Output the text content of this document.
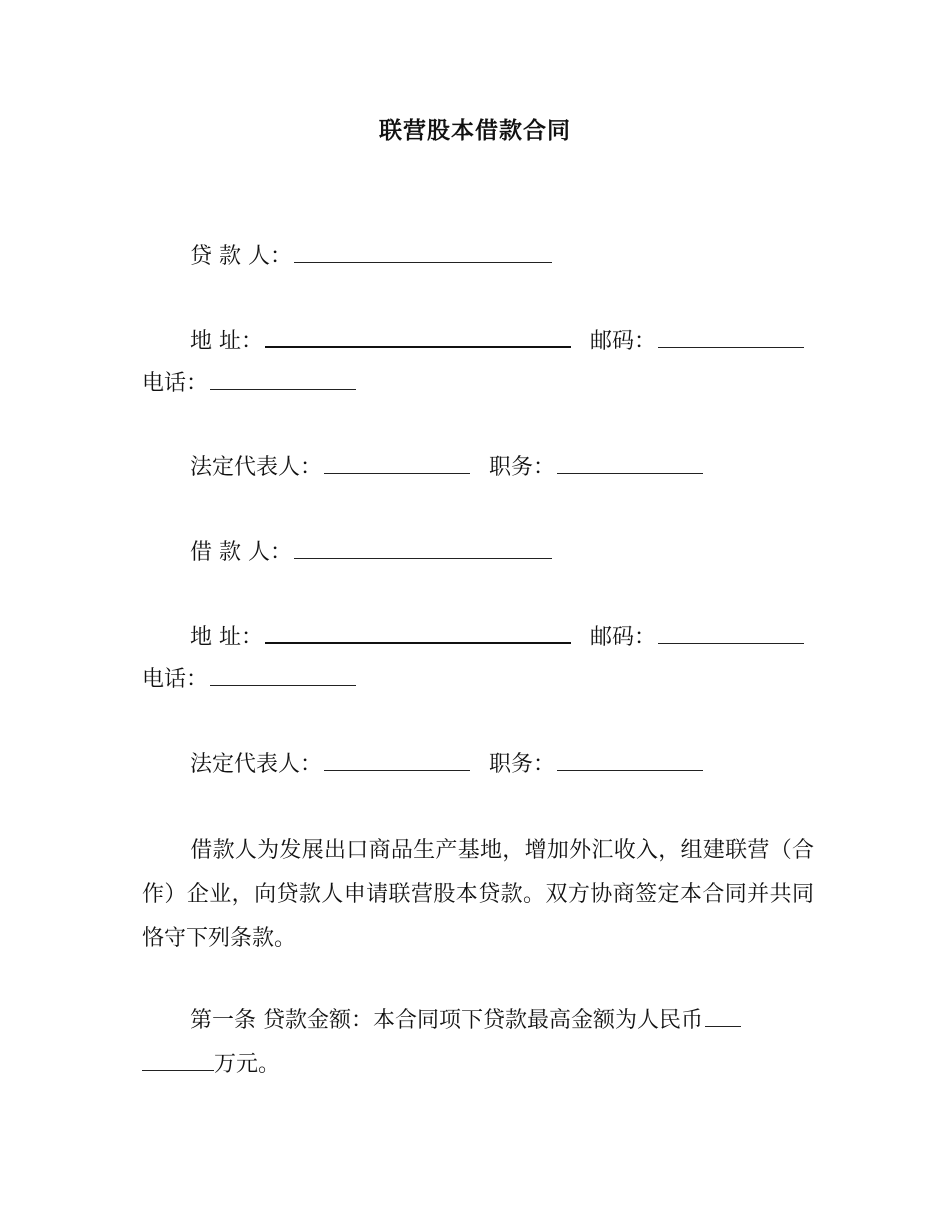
联营股本借款合同
贷 款 人：
地 址：	邮码：
电话：
法定代表人：	职务：
借 款 人：
地 址：	邮码：
电话：
法定代表人：	职务：
借款人为发展出口商品生产基地，增加外汇收入，组建联营（合作）企业，向贷款人申请联营股本贷款。双方协商签定本合同并共同恪守下列条款。
第一条 贷款金额：本合同项下贷款最高金额为人民币
万元。
